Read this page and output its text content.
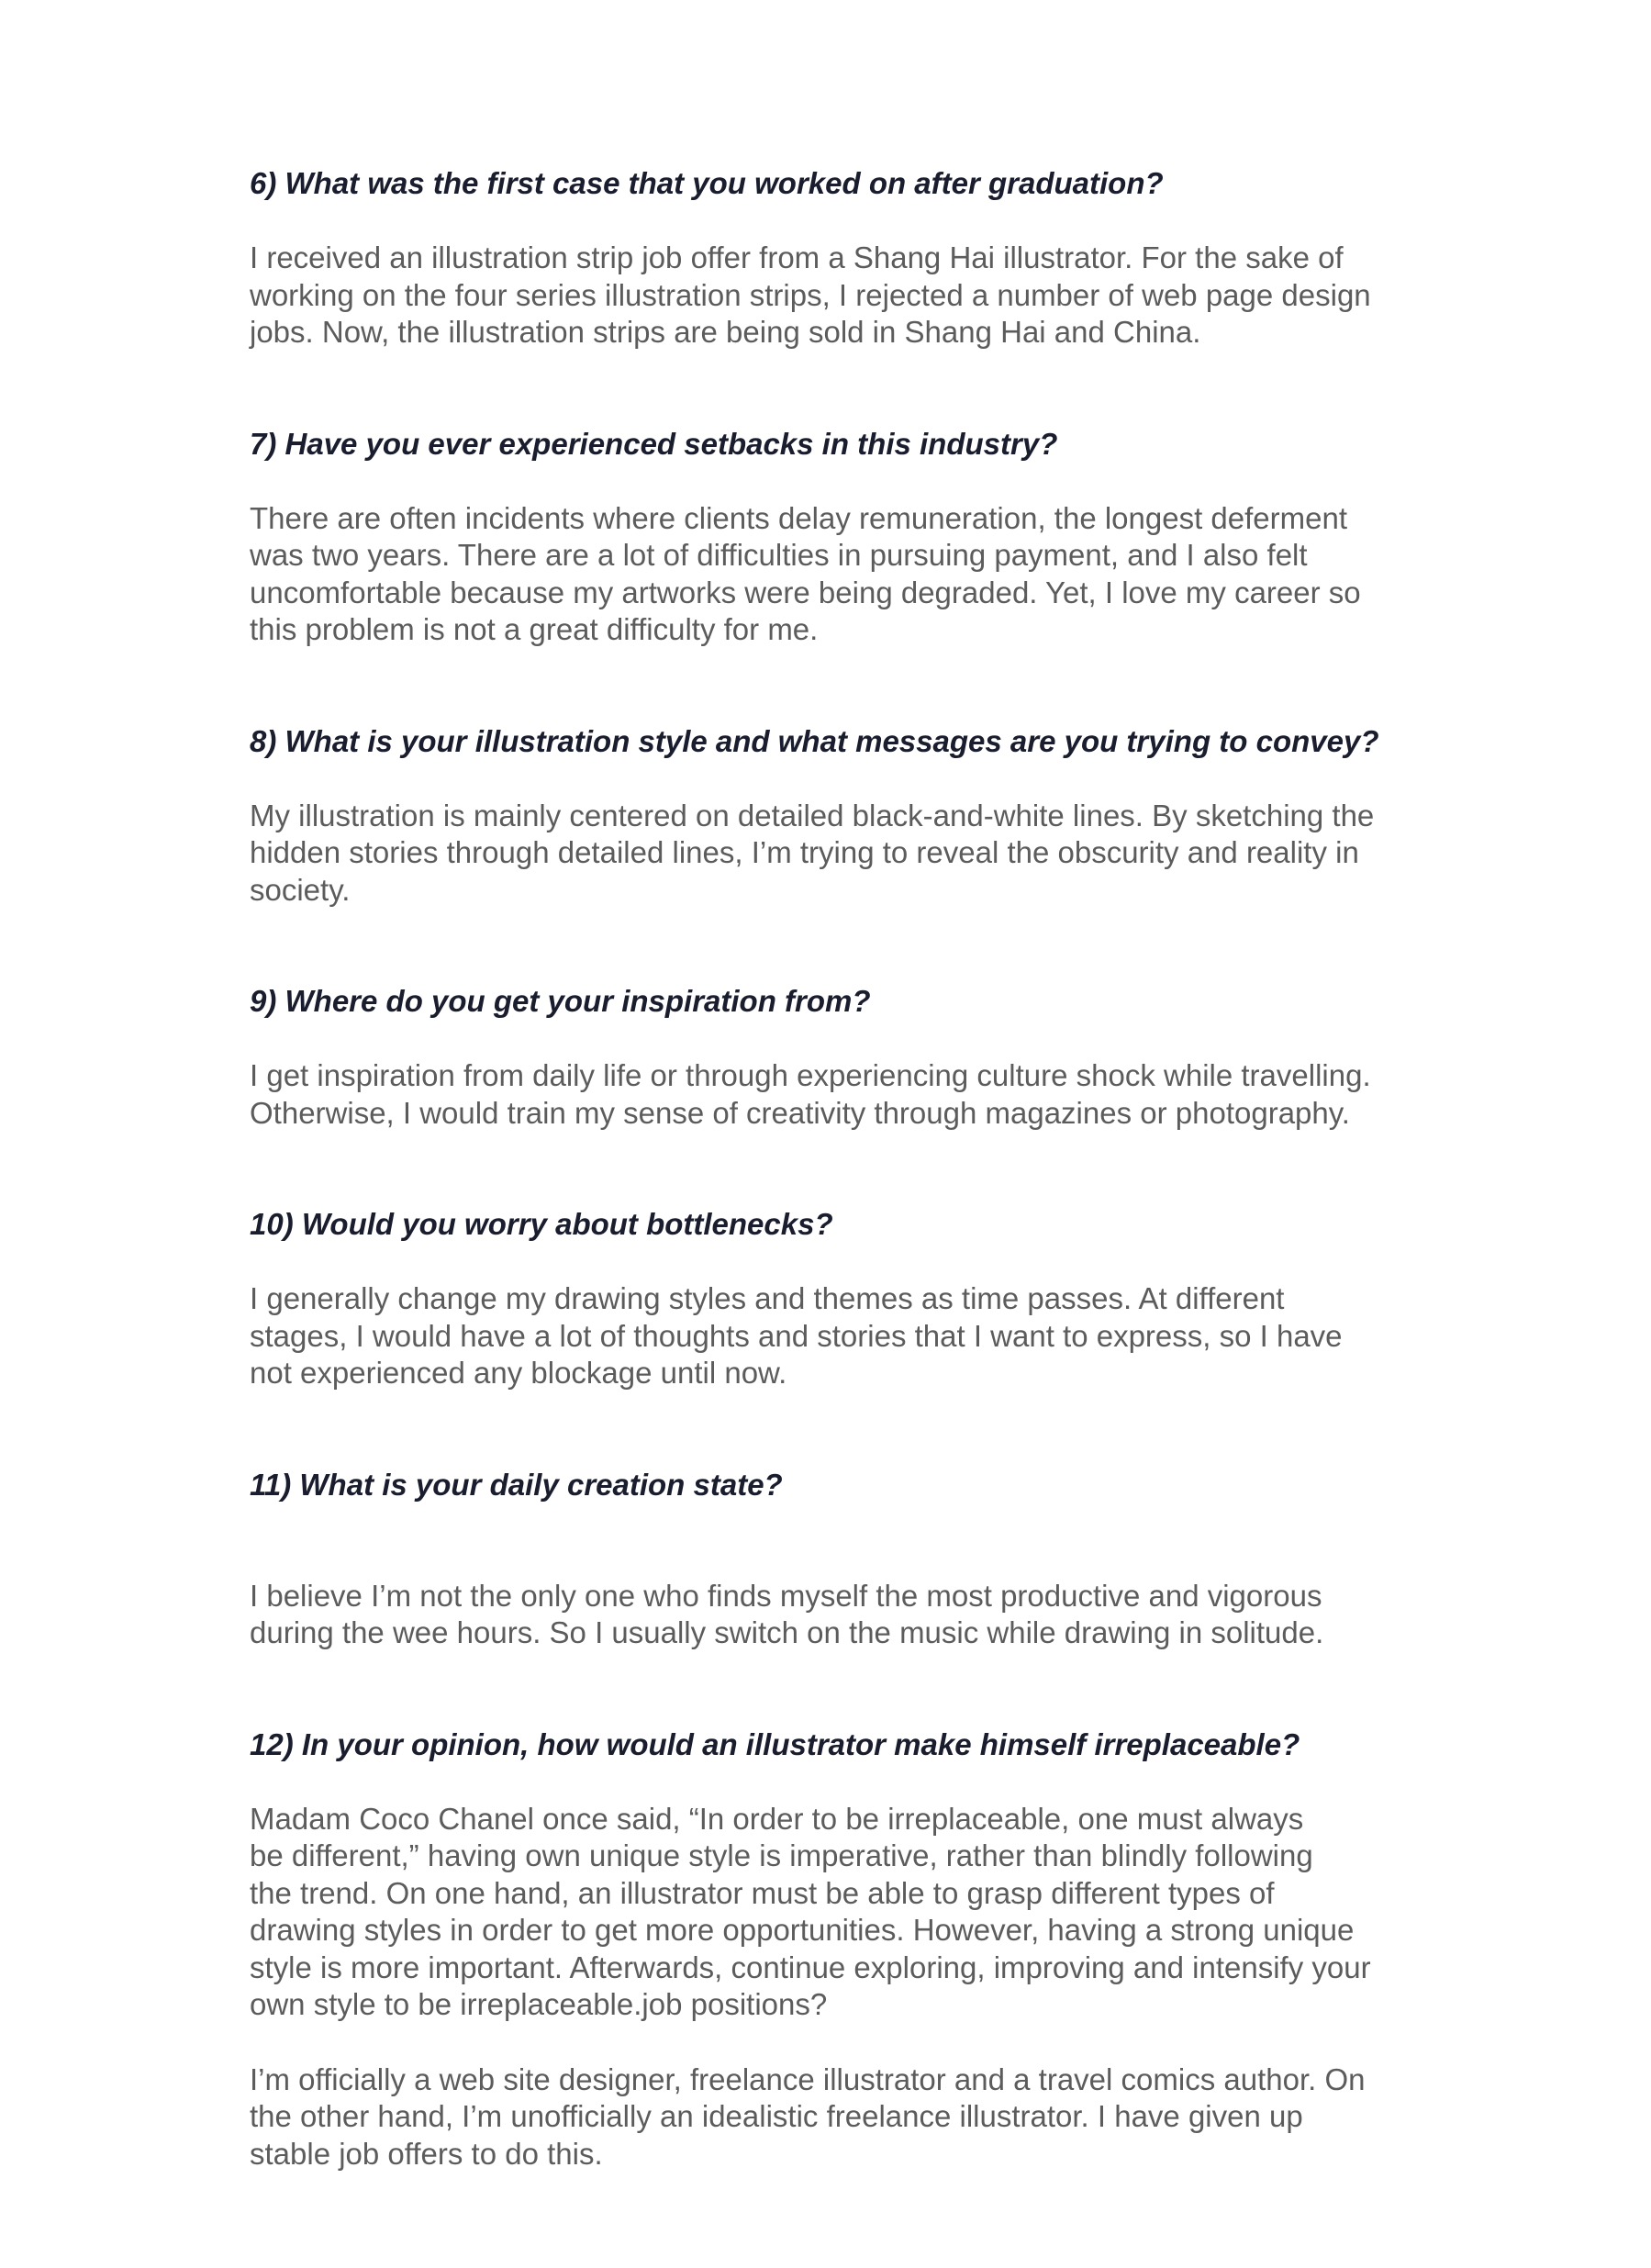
6) What was the first case that you worked on after graduation?

I received an illustration strip job offer from a Shang Hai illustrator. For the sake of
working on the four series illustration strips, I rejected a number of web page design
jobs. Now, the illustration strips are being sold in Shang Hai and China.

7) Have you ever experienced setbacks in this industry?

There are often incidents where clients delay remuneration, the longest deferment
was two years. There are a lot of difficulties in pursuing payment, and I also felt
uncomfortable because my artworks were being degraded. Yet, I love my career so
this problem is not a great difficulty for me.

8) What is your illustration style and what messages are you trying to convey?

My illustration is mainly centered on detailed black-and-white lines. By sketching the
hidden stories through detailed lines, I’m trying to reveal the obscurity and reality in
society.

9) Where do you get your inspiration from?

I get inspiration from daily life or through experiencing culture shock while travelling.
Otherwise, I would train my sense of creativity through magazines or photography.

10) Would you worry about bottlenecks?

I generally change my drawing styles and themes as time passes. At different
stages, I would have a lot of thoughts and stories that I want to express, so I have
not experienced any blockage until now.

11) What is your daily creation state?

I believe I’m not the only one who finds myself the most productive and vigorous
during the wee hours. So I usually switch on the music while drawing in solitude.

12) In your opinion, how would an illustrator make himself irreplaceable?

Madam Coco Chanel once said, “In order to be irreplaceable, one must always
be different,” having own unique style is imperative, rather than blindly following
the trend. On one hand, an illustrator must be able to grasp different types of
drawing styles in order to get more opportunities. However, having a strong unique
style is more important. Afterwards, continue exploring, improving and intensify your
own style to be irreplaceable.job positions?

I’m officially a web site designer, freelance illustrator and a travel comics author. On
the other hand, I’m unofficially an idealistic freelance illustrator. I have given up
stable job offers to do this.
